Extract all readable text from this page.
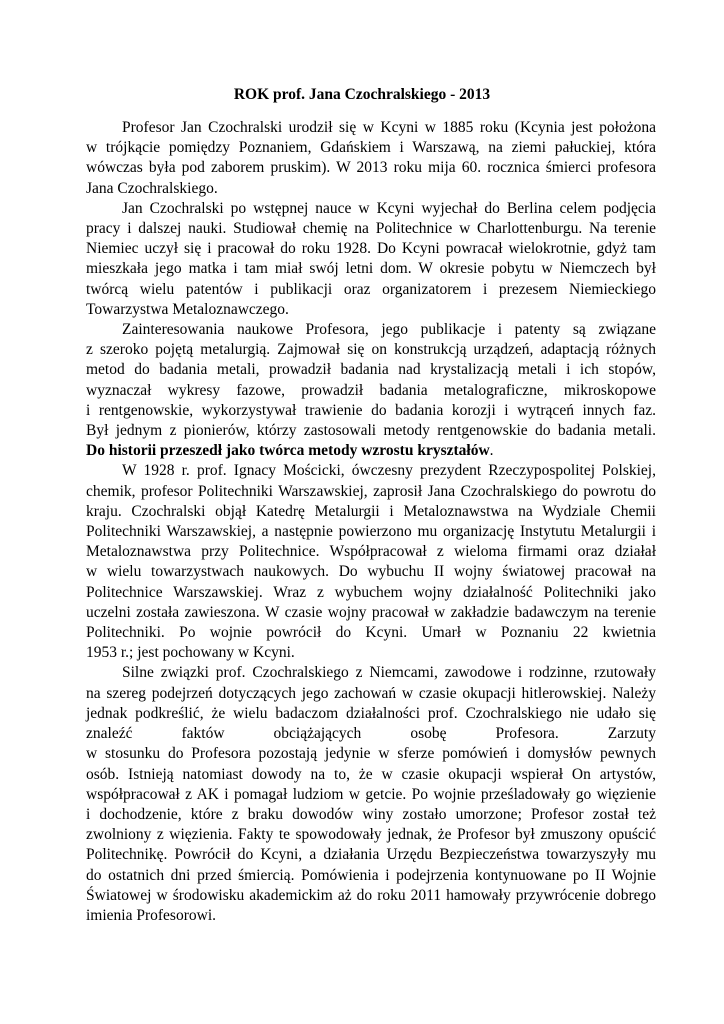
ROK prof. Jana Czochralskiego - 2013
Profesor Jan Czochralski urodził się w Kcyni w 1885 roku (Kcynia jest położona
w trójkącie pomiędzy Poznaniem, Gdańskiem i Warszawą, na ziemi pałuckiej, która
wówczas była pod zaborem pruskim). W 2013 roku mija 60. rocznica śmierci profesora
Jana Czochralskiego.
Jan Czochralski po wstępnej nauce w Kcyni wyjechał do Berlina celem podjęcia
pracy i dalszej nauki. Studiował chemię na Politechnice w Charlottenburgu. Na terenie
Niemiec uczył się i pracował do roku 1928. Do Kcyni powracał wielokrotnie, gdyż tam
mieszkała jego matka i tam miał swój letni dom. W okresie pobytu w Niemczech był
twórcą wielu patentów i publikacji oraz organizatorem i prezesem Niemieckiego
Towarzystwa Metaloznawczego.
Zainteresowania naukowe Profesora, jego publikacje i patenty są związane
z szeroko pojętą metalurgią. Zajmował się on konstrukcją urządzeń, adaptacją różnych
metod do badania metali, prowadził badania nad krystalizacją metali i ich stopów,
wyznaczał wykresy fazowe, prowadził badania metalograficzne, mikroskopowe
i rentgenowskie, wykorzystywał trawienie do badania korozji i wytrąceń innych faz.
Był jednym z pionierów, którzy zastosowali metody rentgenowskie do badania metali.
Do historii przeszedł jako twórca metody wzrostu kryształów.
W 1928 r. prof. Ignacy Mościcki, ówczesny prezydent Rzeczypospolitej Polskiej,
chemik, profesor Politechniki Warszawskiej, zaprosił Jana Czochralskiego do powrotu do
kraju. Czochralski objął Katedrę Metalurgii i Metaloznawstwa na Wydziale Chemii
Politechniki Warszawskiej, a następnie powierzono mu organizację Instytutu Metalurgii i
Metaloznawstwa przy Politechnice. Współpracował z wieloma firmami oraz działał
w wielu towarzystwach naukowych. Do wybuchu II wojny światowej pracował na
Politechnice Warszawskiej. Wraz z wybuchem wojny działalność Politechniki jako
uczelni została zawieszona. W czasie wojny pracował w zakładzie badawczym na terenie
Politechniki. Po wojnie powrócił do Kcyni. Umarł w Poznaniu 22 kwietnia
1953 r.; jest pochowany w Kcyni.
Silne związki prof. Czochralskiego z Niemcami, zawodowe i rodzinne, rzutowały
na szereg podejrzeń dotyczących jego zachowań w czasie okupacji hitlerowskiej. Należy
jednak podkreślić, że wielu badaczom działalności prof. Czochralskiego nie udało się
znaleźć faktów obciążających osobę Profesora. Zarzuty
w stosunku do Profesora pozostają jedynie w sferze pomówień i domysłów pewnych
osób. Istnieją natomiast dowody na to, że w czasie okupacji wspierał On artystów,
współpracował z AK i pomagał ludziom w getcie. Po wojnie prześladowały go więzienie
i dochodzenie, które z braku dowodów winy zostało umorzone; Profesor został też
zwolniony z więzienia. Fakty te spowodowały jednak, że Profesor był zmuszony opuścić
Politechnikę. Powrócił do Kcyni, a działania Urzędu Bezpieczeństwa towarzyszyły mu
do ostatnich dni przed śmiercią. Pomówienia i podejrzenia kontynuowane po II Wojnie
Światowej w środowisku akademickim aż do roku 2011 hamowały przywrócenie dobrego
imienia Profesorowi.
